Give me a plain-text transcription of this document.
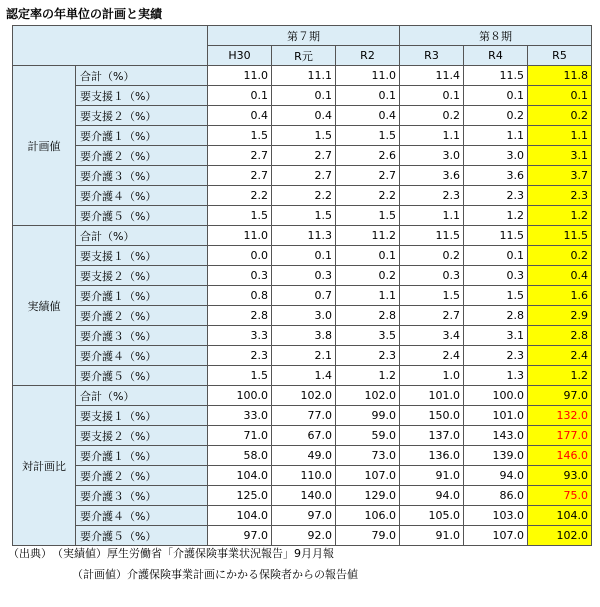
認定率の年単位の計画と実績
		第７期			第８期		
		H30	R元	R2	R3	R4	R5
計画値	合計（%）	11.0	11.1	11.0	11.4	11.5	11.8
	要支援１（%）	0.1	0.1	0.1	0.1	0.1	0.1
	要支援２（%）	0.4	0.4	0.4	0.2	0.2	0.2
	要介護１（%）	1.5	1.5	1.5	1.1	1.1	1.1
	要介護２（%）	2.7	2.7	2.6	3.0	3.0	3.1
	要介護３（%）	2.7	2.7	2.7	3.6	3.6	3.7
	要介護４（%）	2.2	2.2	2.2	2.3	2.3	2.3
	要介護５（%）	1.5	1.5	1.5	1.1	1.2	1.2
実績値	合計（%）	11.0	11.3	11.2	11.5	11.5	11.5
	要支援１（%）	0.0	0.1	0.1	0.2	0.1	0.2
	要支援２（%）	0.3	0.3	0.2	0.3	0.3	0.4
	要介護１（%）	0.8	0.7	1.1	1.5	1.5	1.6
	要介護２（%）	2.8	3.0	2.8	2.7	2.8	2.9
	要介護３（%）	3.3	3.8	3.5	3.4	3.1	2.8
	要介護４（%）	2.3	2.1	2.3	2.4	2.3	2.4
	要介護５（%）	1.5	1.4	1.2	1.0	1.3	1.2
対計画比	合計（%）	100.0	102.0	102.0	101.0	100.0	97.0
	要支援１（%）	33.0	77.0	99.0	150.0	101.0	132.0
	要支援２（%）	71.0	67.0	59.0	137.0	143.0	177.0
	要介護１（%）	58.0	49.0	73.0	136.0	139.0	146.0
	要介護２（%）	104.0	110.0	107.0	91.0	94.0	93.0
	要介護３（%）	125.0	140.0	129.0	94.0	86.0	75.0
	要介護４（%）	104.0	97.0	106.0	105.0	103.0	104.0
	要介護５（%）	97.0	92.0	79.0	91.0	107.0	102.0
（出典）　（実績値）厚生労働省「介護保険事業状況報告」9月月報
（計画値）介護保険事業計画にかかる保険者からの報告値
